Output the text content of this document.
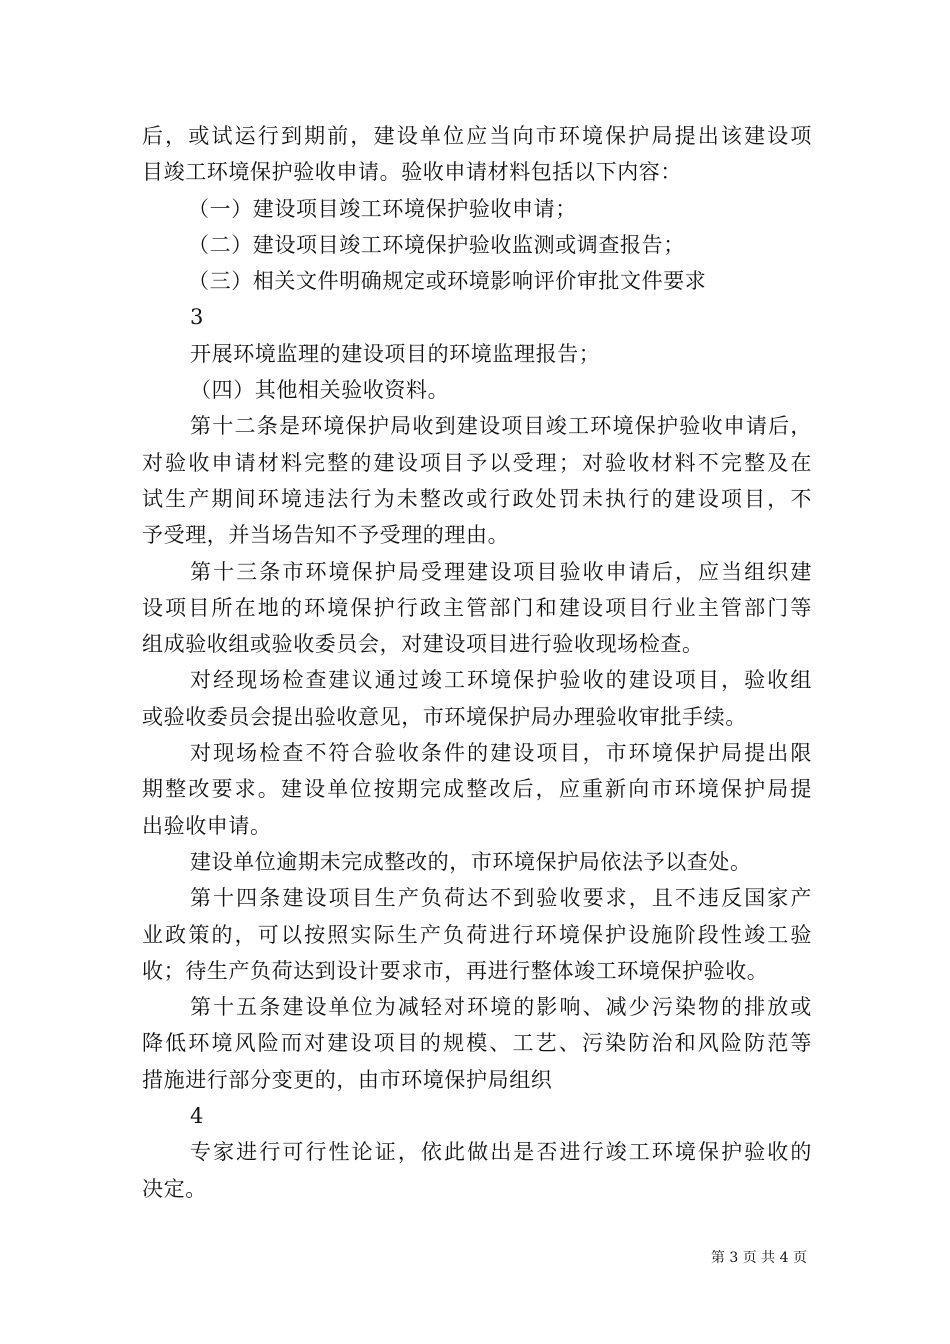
后，或试运行到期前，建设单位应当向市环境保护局提出该建设项
目竣工环境保护验收申请。验收申请材料包括以下内容：
（一）建设项目竣工环境保护验收申请；
（二）建设项目竣工环境保护验收监测或调查报告；
（三）相关文件明确规定或环境影响评价审批文件要求
3
开展环境监理的建设项目的环境监理报告；
（四）其他相关验收资料。
第十二条是环境保护局收到建设项目竣工环境保护验收申请后，
对验收申请材料完整的建设项目予以受理；对验收材料不完整及在
试生产期间环境违法行为未整改或行政处罚未执行的建设项目，不
予受理，并当场告知不予受理的理由。
第十三条市环境保护局受理建设项目验收申请后，应当组织建
设项目所在地的环境保护行政主管部门和建设项目行业主管部门等
组成验收组或验收委员会，对建设项目进行验收现场检查。
对经现场检查建议通过竣工环境保护验收的建设项目，验收组
或验收委员会提出验收意见，市环境保护局办理验收审批手续。
对现场检查不符合验收条件的建设项目，市环境保护局提出限
期整改要求。建设单位按期完成整改后，应重新向市环境保护局提
出验收申请。
建设单位逾期未完成整改的，市环境保护局依法予以查处。
第十四条建设项目生产负荷达不到验收要求，且不违反国家产
业政策的，可以按照实际生产负荷进行环境保护设施阶段性竣工验
收；待生产负荷达到设计要求市，再进行整体竣工环境保护验收。
第十五条建设单位为减轻对环境的影响、减少污染物的排放或
降低环境风险而对建设项目的规模、工艺、污染防治和风险防范等
措施进行部分变更的，由市环境保护局组织
4
专家进行可行性论证，依此做出是否进行竣工环境保护验收的
决定。
第 3 页 共 4 页
